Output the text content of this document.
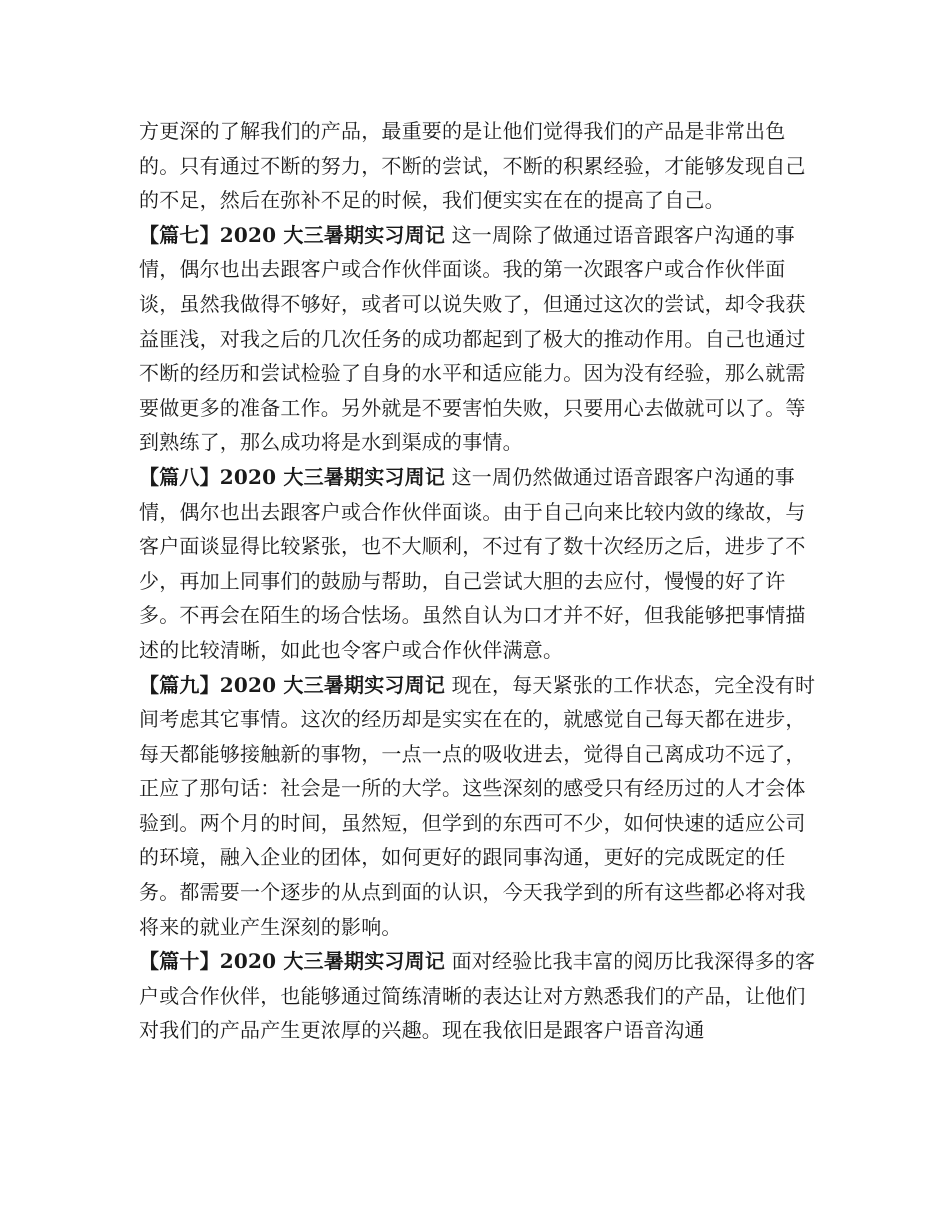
方更深的了解我们的产品，最重要的是让他们觉得我们的产品是非常出色的。只有通过不断的努力，不断的尝试，不断的积累经验，才能够发现自己的不足，然后在弥补不足的时候，我们便实实在在的提高了自己。

【篇七】2020 大三暑期实习周记 这一周除了做通过语音跟客户沟通的事情，偶尔也出去跟客户或合作伙伴面谈。我的第一次跟客户或合作伙伴面谈，虽然我做得不够好，或者可以说失败了，但通过这次的尝试，却令我获益匪浅，对我之后的几次任务的成功都起到了极大的推动作用。自己也通过不断的经历和尝试检验了自身的水平和适应能力。因为没有经验，那么就需要做更多的准备工作。另外就是不要害怕失败，只要用心去做就可以了。等到熟练了，那么成功将是水到渠成的事情。

【篇八】2020 大三暑期实习周记 这一周仍然做通过语音跟客户沟通的事情，偶尔也出去跟客户或合作伙伴面谈。由于自己向来比较内敛的缘故，与客户面谈显得比较紧张，也不大顺利，不过有了数十次经历之后，进步了不少，再加上同事们的鼓励与帮助，自己尝试大胆的去应付，慢慢的好了许多。不再会在陌生的场合怯场。虽然自认为口才并不好，但我能够把事情描述的比较清晰，如此也令客户或合作伙伴满意。

【篇九】2020 大三暑期实习周记 现在，每天紧张的工作状态，完全没有时间考虑其它事情。这次的经历却是实实在在的，就感觉自己每天都在进步，每天都能够接触新的事物，一点一点的吸收进去，觉得自己离成功不远了，正应了那句话：社会是一所的大学。这些深刻的感受只有经历过的人才会体验到。两个月的时间，虽然短，但学到的东西可不少，如何快速的适应公司的环境，融入企业的团体，如何更好的跟同事沟通，更好的完成既定的任务。都需要一个逐步的从点到面的认识，今天我学到的所有这些都必将对我将来的就业产生深刻的影响。

【篇十】2020 大三暑期实习周记 面对经验比我丰富的阅历比我深得多的客户或合作伙伴，也能够通过简练清晰的表达让对方熟悉我们的产品，让他们对我们的产品产生更浓厚的兴趣。现在我依旧是跟客户语音沟通
